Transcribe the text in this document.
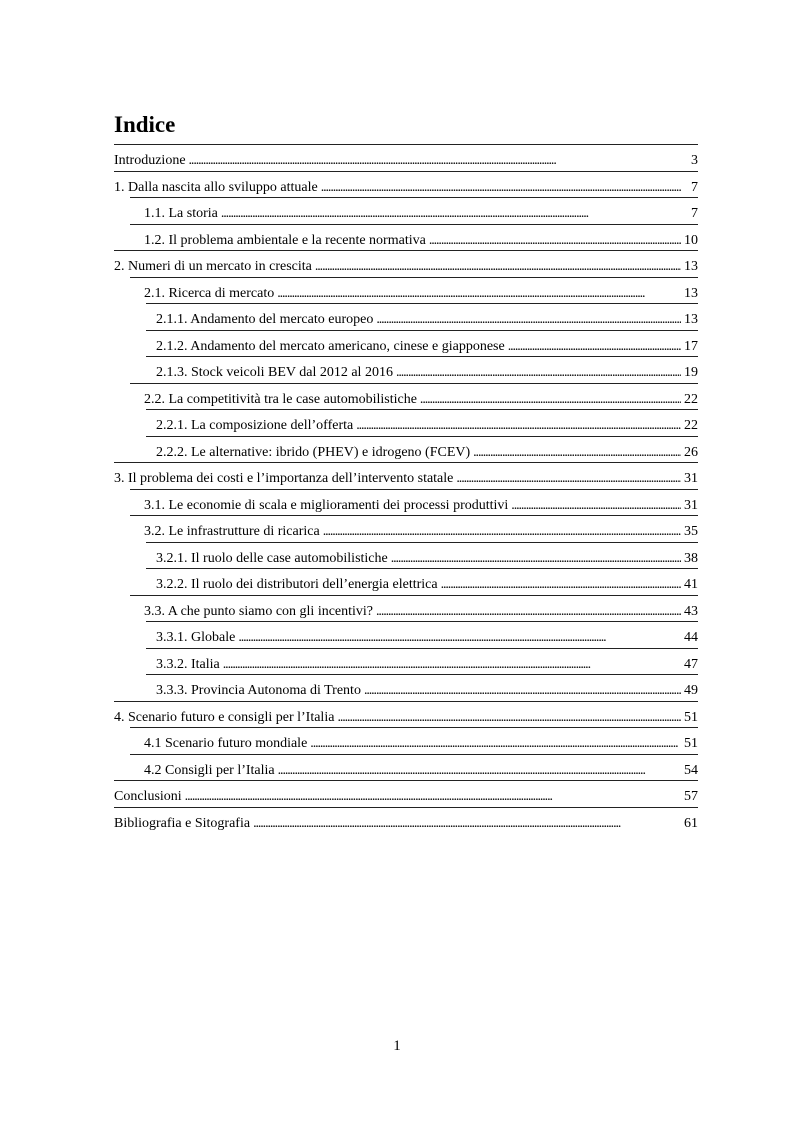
Indice
Introduzione . . .	3
1. Dalla nascita allo sviluppo attuale . . .	7
1.1. La storia . . .	7
1.2. Il problema ambientale e la recente normativa . . .	10
2. Numeri di un mercato in crescita . . .	13
2.1. Ricerca di mercato . . .	13
2.1.1. Andamento del mercato europeo . . .	13
2.1.2. Andamento del mercato americano, cinese e giapponese . . .	17
2.1.3. Stock veicoli BEV dal 2012 al 2016 . . .	19
2.2. La competitività tra le case automobilistiche . . .	22
2.2.1. La composizione dell’offerta . . .	22
2.2.2. Le alternative: ibrido (PHEV) e idrogeno (FCEV) . . .	26
3. Il problema dei costi e l’importanza dell’intervento statale . . .	31
3.1. Le economie di scala e miglioramenti dei processi produttivi . . .	31
3.2. Le infrastrutture di ricarica . . .	35
3.2.1. Il ruolo delle case automobilistiche . . .	38
3.2.2. Il ruolo dei distributori dell’energia elettrica . . .	41
3.3. A che punto siamo con gli incentivi? . . .	43
3.3.1. Globale . . .	44
3.3.2. Italia . . .	47
3.3.3. Provincia Autonoma di Trento . . .	49
4. Scenario futuro e consigli per l’Italia . . .	51
4.1 Scenario futuro mondiale . . .	51
4.2 Consigli per l’Italia . . .	54
Conclusioni . . .	57
Bibliografia e Sitografia . . .	61
1
